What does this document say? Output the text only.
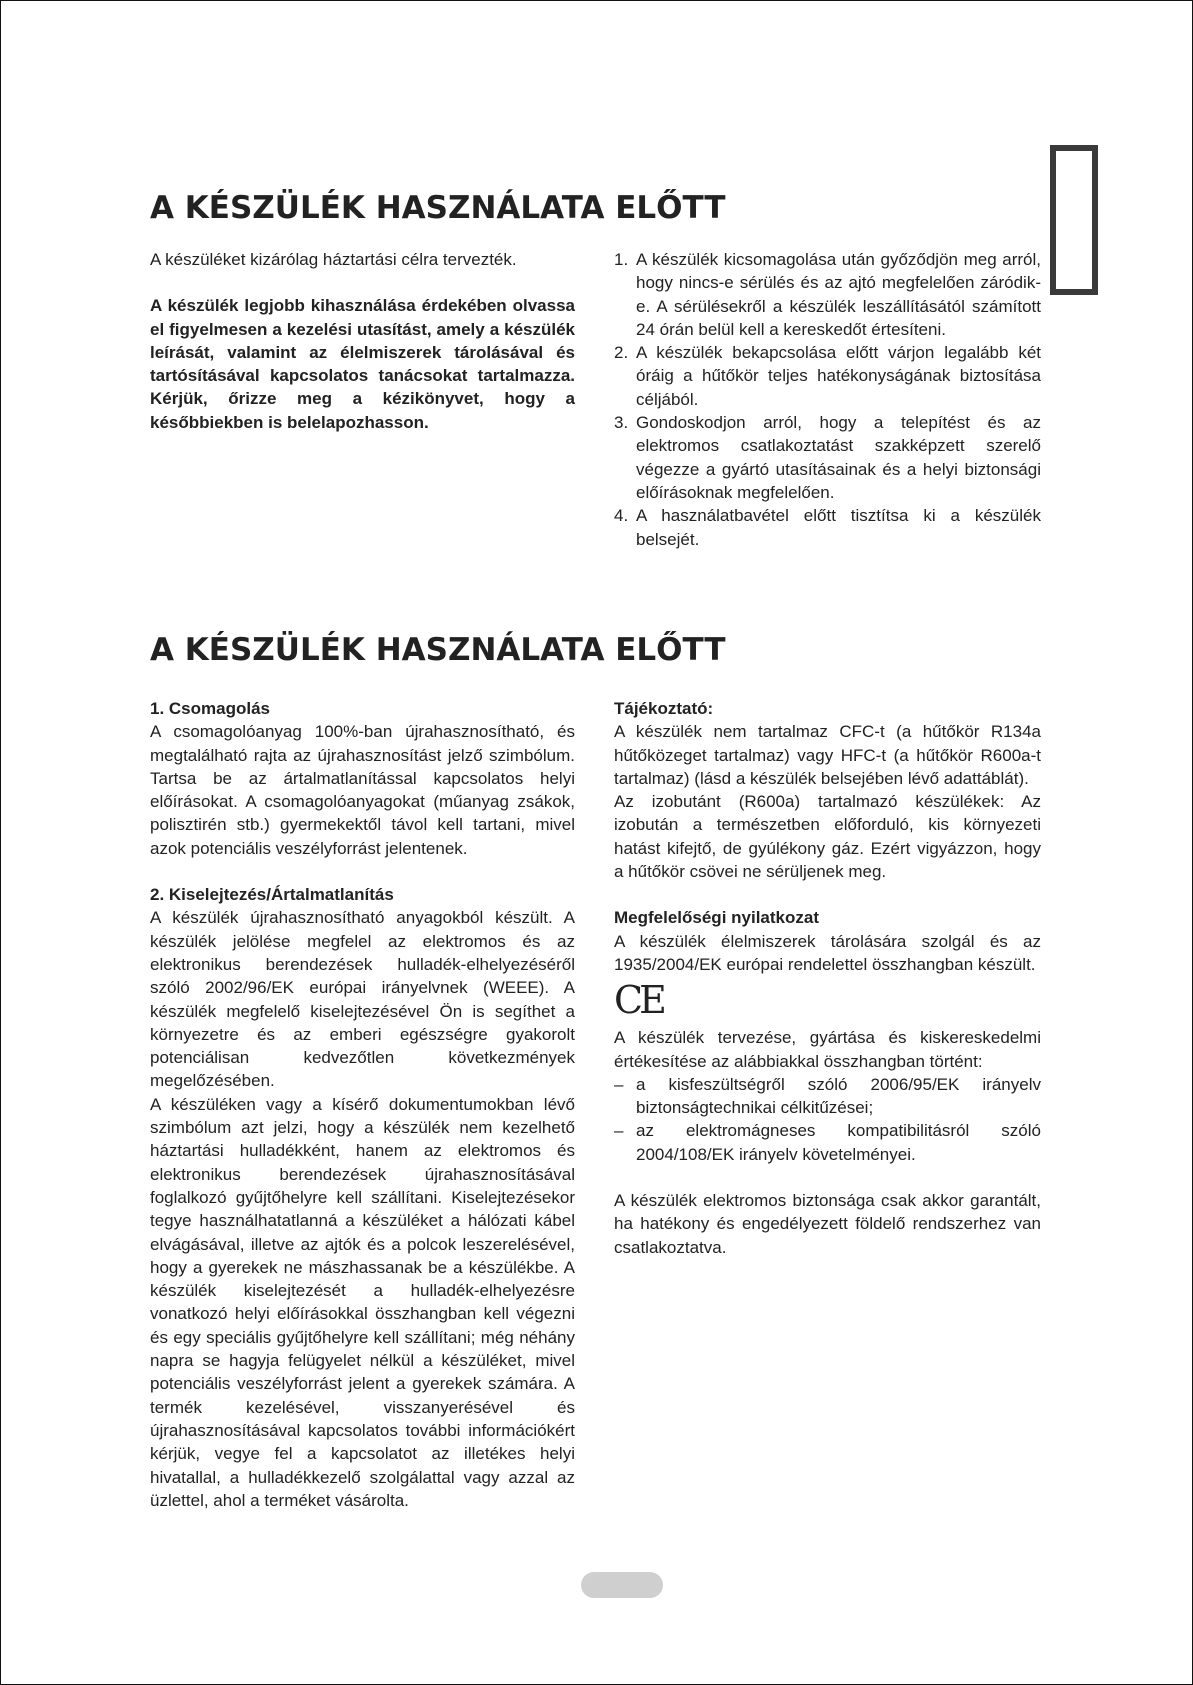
A KÉSZÜLÉK HASZNÁLATA ELŐTT

A készüléket kizárólag háztartási célra tervezték.

A készülék legjobb kihasználása érdekében olvassa el figyelmesen a kezelési utasítást, amely a készülék leírását, valamint az élelmiszerek tárolásával és tartósításával kapcsolatos tanácsokat tartalmazza. Kérjük, őrizze meg a kézikönyvet, hogy a későbbiekben is belelapozhasson.

1. A készülék kicsomagolása után győződjön meg arról, hogy nincs-e sérülés és az ajtó megfelelően záródik-e. A sérülésekről a készülék leszállításától számított 24 órán belül kell a kereskedőt értesíteni.
2. A készülék bekapcsolása előtt várjon legalább két óráig a hűtőkör teljes hatékonyságának biztosítása céljából.
3. Gondoskodjon arról, hogy a telepítést és az elektromos csatlakoztatást szakképzett szerelő végezze a gyártó utasításainak és a helyi biztonsági előírásoknak megfelelően.
4. A használatbavétel előtt tisztítsa ki a készülék belsejét.
A KÉSZÜLÉK HASZNÁLATA ELŐTT

1. Csomagolás

A csomagolóanyag 100%-ban újrahasznosítható, és megtalálható rajta az újrahasznosítást jelző szimbólum. Tartsa be az ártalmatlanítással kapcsolatos helyi előírásokat. A csomagolóanyagokat (műanyag zsákok, polisztirén stb.) gyermekektől távol kell tartani, mivel azok potenciális veszélyforrást jelentenek.

2. Kiselejtezés/Ártalmatlanítás

A készülék újrahasznosítható anyagokból készült. A készülék jelölése megfelel az elektromos és az elektronikus berendezések hulladék-elhelyezéséről szóló 2002/96/EK európai irányelvnek (WEEE). A készülék megfelelő kiselejtezésével Ön is segíthet a környezetre és az emberi egészségre gyakorolt potenciálisan kedvezőtlen következmények megelőzésében.

A készüléken vagy a kísérő dokumentumokban lévő szimbólum azt jelzi, hogy a készülék nem kezelhető háztartási hulladékként, hanem az elektromos és elektronikus berendezések újrahasznosításával foglalkozó gyűjtőhelyre kell szállítani. Kiselejtezésekor tegye használhatatlanná a készüléket a hálózati kábel elvágásával, illetve az ajtók és a polcok leszerelésével, hogy a gyerekek ne mászhassanak be a készülékbe. A készülék kiselejtezését a hulladék-elhelyezésre vonatkozó helyi előírásokkal összhangban kell végezni és egy speciális gyűjtőhelyre kell szállítani; még néhány napra se hagyja felügyelet nélkül a készüléket, mivel potenciális veszélyforrást jelent a gyerekek számára. A termék kezelésével, visszanyerésével és újrahasznosításával kapcsolatos további információkért kérjük, vegye fel a kapcsolatot az illetékes helyi hivatallal, a hulladékkezelő szolgálattal vagy azzal az üzlettel, ahol a terméket vásárolta.

Tájékoztató:

A készülék nem tartalmaz CFC-t (a hűtőkör R134a hűtőközeget tartalmaz) vagy HFC-t (a hűtőkör R600a-t tartalmaz) (lásd a készülék belsejében lévő adattáblát).

Az izobutánt (R600a) tartalmazó készülékek: Az izobután a természetben előforduló, kis környezeti hatást kifejtő, de gyúlékony gáz. Ezért vigyázzon, hogy a hűtőkör csövei ne sérüljenek meg.

Megfelelőségi nyilatkozat

A készülék élelmiszerek tárolására szolgál és az 1935/2004/EK európai rendelettel összhangban készült.

CE

A készülék tervezése, gyártása és kiskereskedelmi értékesítése az alábbiakkal összhangban történt:

– a kisfeszültségről szóló 2006/95/EK irányelv biztonságtechnikai célkitűzései;
– az elektromágneses kompatibilitásról szóló 2004/108/EK irányelv követelményei.

A készülék elektromos biztonsága csak akkor garantált, ha hatékony és engedélyezett földelő rendszerhez van csatlakoztatva.
